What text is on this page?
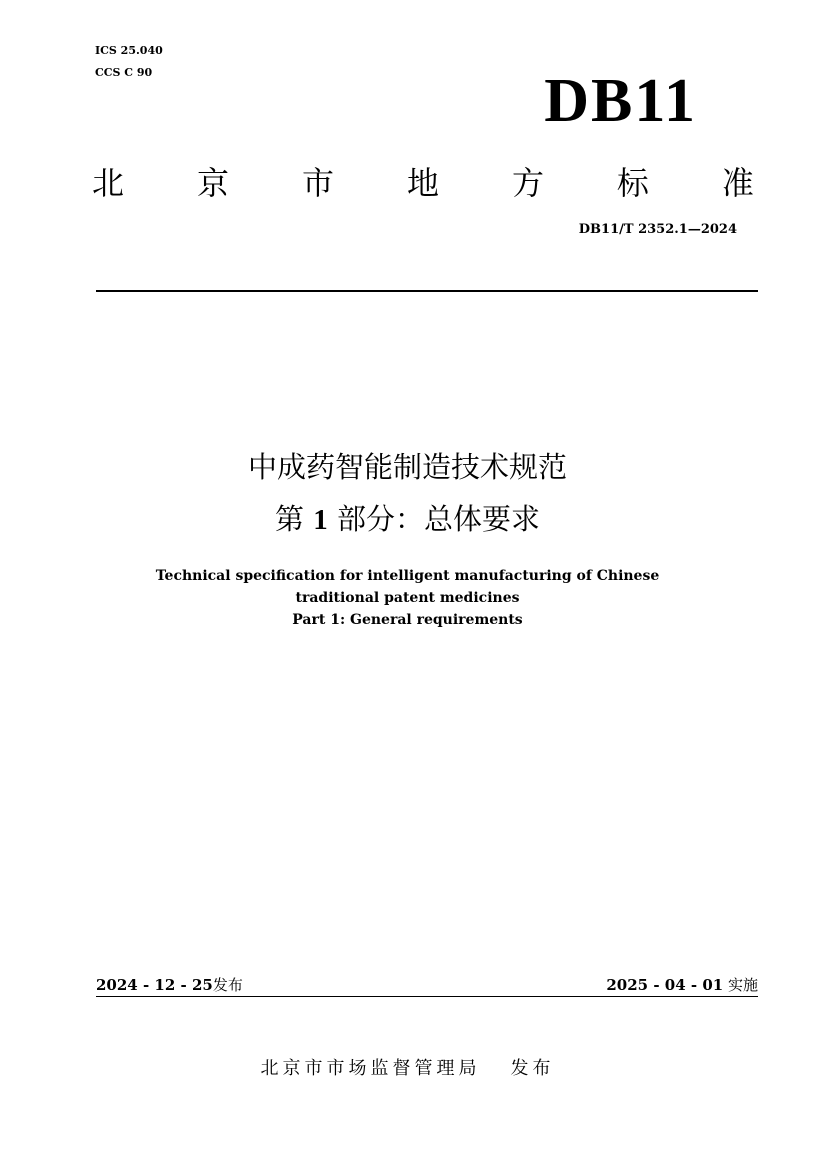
ICS 25.040
CCS C 90	DB11
北 京 市 地 方 标 准
DB11/T 2352.1—2024
中成药智能制造技术规范
第 1 部分：总体要求
Technical specification for intelligent manufacturing of Chinese
traditional patent medicines
Part 1: General requirements
2024 - 12 - 25发布	2025 - 04 - 01 实施
北京市市场监督管理局 发布
